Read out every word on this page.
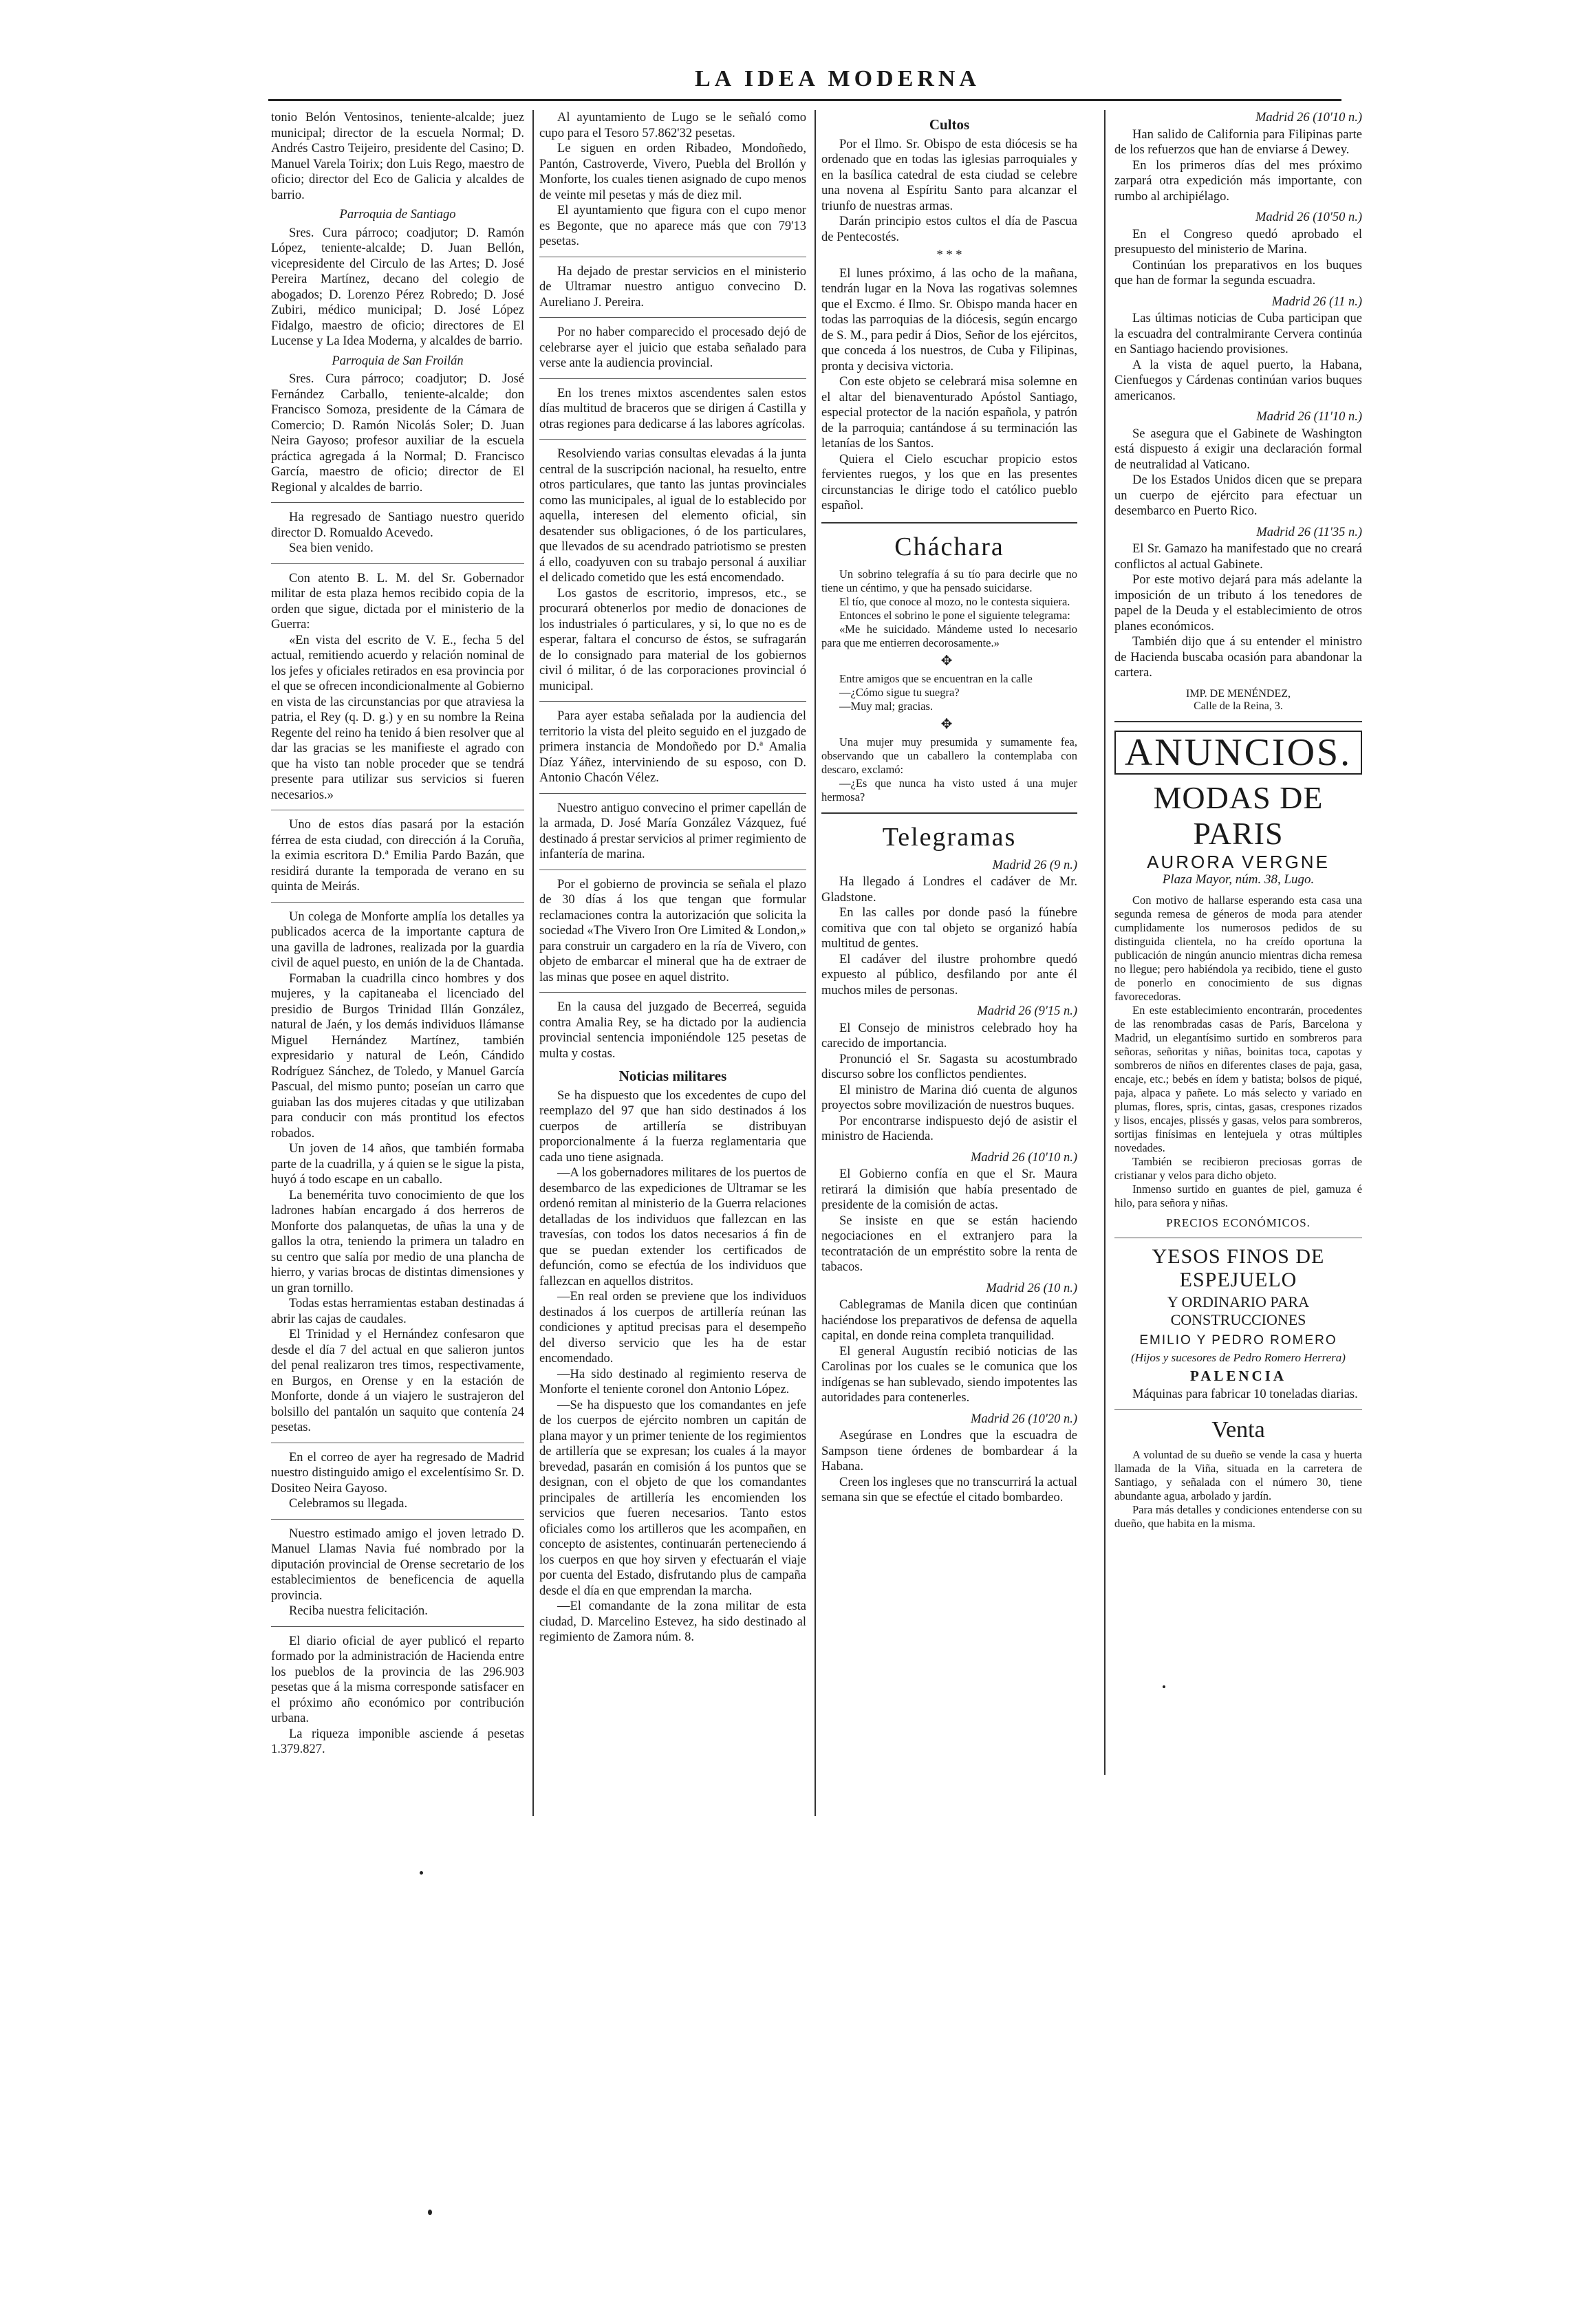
LA IDEA MODERNA

tonio Belón Ventosinos, teniente-alcalde; juez municipal; director de la escuela Normal; D. Andrés Castro Teijeiro, presidente del Casino; D. Manuel Varela Toirix; don Luis Rego, maestro de oficio; director del Eco de Galicia y alcaldes de barrio.

Parroquia de Santiago

Sres. Cura párroco; coadjutor; D. Ramón López, teniente-alcalde; D. Juan Bellón, vicepresidente del Circulo de las Artes; D. José Pereira Martínez, decano del colegio de abogados; D. Lorenzo Pérez Robredo; D. José Zubiri, médico municipal; D. José López Fidalgo, maestro de oficio; directores de El Lucense y La Idea Moderna, y alcaldes de barrio.

Parroquia de San Froilán

Sres. Cura párroco; coadjutor; D. José Fernández Carballo, teniente-alcalde; don Francisco Somoza, presidente de la Cámara de Comercio; D. Ramón Nicolás Soler; D. Juan Neira Gayoso; profesor auxiliar de la escuela práctica agregada á la Normal; D. Francisco García, maestro de oficio; director de El Regional y alcaldes de barrio.

Ha regresado de Santiago nuestro querido director D. Romualdo Acevedo.

Sea bien venido.

Con atento B. L. M. del Sr. Gobernador militar de esta plaza hemos recibido copia de la orden que sigue, dictada por el ministerio de la Guerra:

«En vista del escrito de V. E., fecha 5 del actual, remitiendo acuerdo y relación nominal de los jefes y oficiales retirados en esa provincia por el que se ofrecen incondicionalmente al Gobierno en vista de las circunstancias por que atraviesa la patria, el Rey (q. D. g.) y en su nombre la Reina Regente del reino ha tenido á bien resolver que al dar las gracias se les manifieste el agrado con que ha visto tan noble proceder que se tendrá presente para utilizar sus servicios si fueren necesarios.»

Uno de estos días pasará por la estación férrea de esta ciudad, con dirección á la Coruña, la eximia escritora D.ª Emilia Pardo Bazán, que residirá durante la temporada de verano en su quinta de Meirás.

Un colega de Monforte amplía los detalles ya publicados acerca de la importante captura de una gavilla de ladrones, realizada por la guardia civil de aquel puesto, en unión de la de Chantada.

Formaban la cuadrilla cinco hombres y dos mujeres, y la capitaneaba el licenciado del presidio de Burgos Trinidad Illán González, natural de Jaén, y los demás individuos llámanse Miguel Hernández Martínez, también expresidario y natural de León, Cándido Rodríguez Sánchez, de Toledo, y Manuel García Pascual, del mismo punto; poseían un carro que guiaban las dos mujeres citadas y que utilizaban para conducir con más prontitud los efectos robados.

Un joven de 14 años, que también formaba parte de la cuadrilla, y á quien se le sigue la pista, huyó á todo escape en un caballo.

La benemérita tuvo conocimiento de que los ladrones habían encargado á dos herreros de Monforte dos palanquetas, de uñas la una y de gallos la otra, teniendo la primera un taladro en su centro que salía por medio de una plancha de hierro, y varias brocas de distintas dimensiones y un gran tornillo.

Todas estas herramientas estaban destinadas á abrir las cajas de caudales.

El Trinidad y el Hernández confesaron que desde el día 7 del actual en que salieron juntos del penal realizaron tres timos, respectivamente, en Burgos, en Orense y en la estación de Monforte, donde á un viajero le sustrajeron del bolsillo del pantalón un saquito que contenía 24 pesetas.

En el correo de ayer ha regresado de Madrid nuestro distinguido amigo el excelentísimo Sr. D. Dositeo Neira Gayoso.

Celebramos su llegada.

Nuestro estimado amigo el joven letrado D. Manuel Llamas Navia fué nombrado por la diputación provincial de Orense secretario de los establecimientos de beneficencia de aquella provincia.

Reciba nuestra felicitación.

El diario oficial de ayer publicó el reparto formado por la administración de Hacienda entre los pueblos de la provincia de las 296.903 pesetas que á la misma corresponde satisfacer en el próximo año económico por contribución urbana.

La riqueza imponible asciende á pesetas 1.379.827.

Al ayuntamiento de Lugo se le señaló como cupo para el Tesoro 57.862'32 pesetas.

Le siguen en orden Ribadeo, Mondoñedo, Pantón, Castroverde, Vivero, Puebla del Brollón y Monforte, los cuales tienen asignado de cupo menos de veinte mil pesetas y más de diez mil.

El ayuntamiento que figura con el cupo menor es Begonte, que no aparece más que con 79'13 pesetas.

Ha dejado de prestar servicios en el ministerio de Ultramar nuestro antiguo convecino D. Aureliano J. Pereira.

Por no haber comparecido el procesado dejó de celebrarse ayer el juicio que estaba señalado para verse ante la audiencia provincial.

En los trenes mixtos ascendentes salen estos días multitud de braceros que se dirigen á Castilla y otras regiones para dedicarse á las labores agrícolas.

Resolviendo varias consultas elevadas á la junta central de la suscripción nacional, ha resuelto, entre otros particulares, que tanto las juntas provinciales como las municipales, al igual de lo establecido por aquella, interesen del elemento oficial, sin desatender sus obligaciones, ó de los particulares, que llevados de su acendrado patriotismo se presten á ello, coadyuven con su trabajo personal á auxiliar el delicado cometido que les está encomendado.

Los gastos de escritorio, impresos, etc., se procurará obtenerlos por medio de donaciones de los industriales ó particulares, y si, lo que no es de esperar, faltara el concurso de éstos, se sufragarán de lo consignado para material de los gobiernos civil ó militar, ó de las corporaciones provincial ó municipal.

Para ayer estaba señalada por la audiencia del territorio la vista del pleito seguido en el juzgado de primera instancia de Mondoñedo por D.ª Amalia Díaz Yáñez, interviniendo de su esposo, con D. Antonio Chacón Vélez.

Nuestro antiguo convecino el primer capellán de la armada, D. José María González Vázquez, fué destinado á prestar servicios al primer regimiento de infantería de marina.

Por el gobierno de provincia se señala el plazo de 30 días á los que tengan que formular reclamaciones contra la autorización que solicita la sociedad «The Vivero Iron Ore Limited & London,» para construir un cargadero en la ría de Vivero, con objeto de embarcar el mineral que ha de extraer de las minas que posee en aquel distrito.

En la causa del juzgado de Becerreá, seguida contra Amalia Rey, se ha dictado por la audiencia provincial sentencia imponiéndole 125 pesetas de multa y costas.

Noticias militares

Se ha dispuesto que los excedentes de cupo del reemplazo del 97 que han sido destinados á los cuerpos de artillería se distribuyan proporcionalmente á la fuerza reglamentaria que cada uno tiene asignada.

—A los gobernadores militares de los puertos de desembarco de las expediciones de Ultramar se les ordenó remitan al ministerio de la Guerra relaciones detalladas de los individuos que fallezcan en las travesías, con todos los datos necesarios á fin de que se puedan extender los certificados de defunción, como se efectúa de los individuos que fallezcan en aquellos distritos.

—En real orden se previene que los individuos destinados á los cuerpos de artillería reúnan las condiciones y aptitud precisas para el desempeño del diverso servicio que les ha de estar encomendado.

—Ha sido destinado al regimiento reserva de Monforte el teniente coronel don Antonio López.

—Se ha dispuesto que los comandantes en jefe de los cuerpos de ejército nombren un capitán de plana mayor y un primer teniente de los regimientos de artillería que se expresan; los cuales á la mayor brevedad, pasarán en comisión á los puntos que se designan, con el objeto de que los comandantes principales de artillería les encomienden los servicios que fueren necesarios. Tanto estos oficiales como los artilleros que les acompañen, en concepto de asistentes, continuarán perteneciendo á los cuerpos en que hoy sirven y efectuarán el viaje por cuenta del Estado, disfrutando plus de campaña desde el día en que emprendan la marcha.

—El comandante de la zona militar de esta ciudad, D. Marcelino Estevez, ha sido destinado al regimiento de Zamora núm. 8.

Cultos

Por el Ilmo. Sr. Obispo de esta diócesis se ha ordenado que en todas las iglesias parroquiales y en la basílica catedral de esta ciudad se celebre una novena al Espíritu Santo para alcanzar el triunfo de nuestras armas.

Darán principio estos cultos el día de Pascua de Pentecostés.

* * *

El lunes próximo, á las ocho de la mañana, tendrán lugar en la Nova las rogativas solemnes que el Excmo. é Ilmo. Sr. Obispo manda hacer en todas las parroquias de la diócesis, según encargo de S. M., para pedir á Dios, Señor de los ejércitos, que conceda á los nuestros, de Cuba y Filipinas, pronta y decisiva victoria.

Con este objeto se celebrará misa solemne en el altar del bienaventurado Apóstol Santiago, especial protector de la nación española, y patrón de la parroquia; cantándose á su terminación las letanías de los Santos.

Quiera el Cielo escuchar propicio estos fervientes ruegos, y los que en las presentes circunstancias le dirige todo el católico pueblo español.

Cháchara

Un sobrino telegrafía á su tío para decirle que no tiene un céntimo, y que ha pensado suicidarse.

El tío, que conoce al mozo, no le contesta siquiera.

Entonces el sobrino le pone el siguiente telegrama:

«Me he suicidado. Mándeme usted lo necesario para que me entierren decorosamente.»

✥

Entre amigos que se encuentran en la calle

—¿Cómo sigue tu suegra?

—Muy mal; gracias.

✥

Una mujer muy presumida y sumamente fea, observando que un caballero la contemplaba con descaro, exclamó:

—¿Es que nunca ha visto usted á una mujer hermosa?

Telegramas
Madrid 26 (9 n.)

Ha llegado á Londres el cadáver de Mr. Gladstone.

En las calles por donde pasó la fúnebre comitiva que con tal objeto se organizó había multitud de gentes.

El cadáver del ilustre prohombre quedó expuesto al público, desfilando por ante él muchos miles de personas.

Madrid 26 (9'15 n.)

El Consejo de ministros celebrado hoy ha carecido de importancia.

Pronunció el Sr. Sagasta su acostumbrado discurso sobre los conflictos pendientes.

El ministro de Marina dió cuenta de algunos proyectos sobre movilización de nuestros buques.

Por encontrarse indispuesto dejó de asistir el ministro de Hacienda.

Madrid 26 (10'10 n.)

El Gobierno confía en que el Sr. Maura retirará la dimisión que había presentado de presidente de la comisión de actas.

Se insiste en que se están haciendo negociaciones en el extranjero para la tecontratación de un empréstito sobre la renta de tabacos.

Madrid 26 (10 n.)

Cablegramas de Manila dicen que continúan haciéndose los preparativos de defensa de aquella capital, en donde reina completa tranquilidad.

El general Augustín recibió noticias de las Carolinas por los cuales se le comunica que los indígenas se han sublevado, siendo impotentes las autoridades para contenerles.

Madrid 26 (10'20 n.)

Asegúrase en Londres que la escuadra de Sampson tiene órdenes de bombardear á la Habana.

Creen los ingleses que no transcurrirá la actual semana sin que se efectúe el citado bombardeo.

Madrid 26 (10'10 n.)

Han salido de California para Filipinas parte de los refuerzos que han de enviarse á Dewey.

En los primeros días del mes próximo zarpará otra expedición más importante, con rumbo al archipiélago.

Madrid 26 (10'50 n.)

En el Congreso quedó aprobado el presupuesto del ministerio de Marina.

Continúan los preparativos en los buques que han de formar la segunda escuadra.

Madrid 26 (11 n.)

Las últimas noticias de Cuba participan que la escuadra del contralmirante Cervera continúa en Santiago haciendo provisiones.

A la vista de aquel puerto, la Habana, Cienfuegos y Cárdenas continúan varios buques americanos.

Madrid 26 (11'10 n.)

Se asegura que el Gabinete de Washington está dispuesto á exigir una declaración formal de neutralidad al Vaticano.

De los Estados Unidos dicen que se prepara un cuerpo de ejército para efectuar un desembarco en Puerto Rico.

Madrid 26 (11'35 n.)

El Sr. Gamazo ha manifestado que no creará conflictos al actual Gabinete.

Por este motivo dejará para más adelante la imposición de un tributo á los tenedores de papel de la Deuda y el establecimiento de otros planes económicos.

También dijo que á su entender el ministro de Hacienda buscaba ocasión para abandonar la cartera.

IMP. DE MENÉNDEZ,
Calle de la Reina, 3.
ANUNCIOS.
MODAS DE PARIS
AURORA VERGNE
Plaza Mayor, núm. 38, Lugo.

Con motivo de hallarse esperando esta casa una segunda remesa de géneros de moda para atender cumplidamente los numerosos pedidos de su distinguida clientela, no ha creído oportuna la publicación de ningún anuncio mientras dicha remesa no llegue; pero habiéndola ya recibido, tiene el gusto de ponerlo en conocimiento de sus dignas favorecedoras.

En este establecimiento encontrarán, procedentes de las renombradas casas de París, Barcelona y Madrid, un elegantísimo surtido en sombreros para señoras, señoritas y niñas, boinitas toca, capotas y sombreros de niños en diferentes clases de paja, gasa, encaje, etc.; bebés en ídem y batista; bolsos de piqué, paja, alpaca y pañete. Lo más selecto y variado en plumas, flores, spris, cintas, gasas, crespones rizados y lisos, encajes, plissés y gasas, velos para sombreros, sortijas finísimas en lentejuela y otras múltiples novedades.

También se recibieron preciosas gorras de cristianar y velos para dicho objeto.

Inmenso surtido en guantes de piel, gamuza é hilo, para señora y niñas.

PRECIOS ECONÓMICOS.
YESOS FINOS DE ESPEJUELO
Y ORDINARIO PARA CONSTRUCCIONES
EMILIO Y PEDRO ROMERO
(Hijos y sucesores de Pedro Romero Herrera)
PALENCIA

Máquinas para fabricar 10 toneladas diarias.

Venta

A voluntad de su dueño se vende la casa y huerta llamada de la Viña, situada en la carretera de Santiago, y señalada con el número 30, tiene abundante agua, arbolado y jardín.

Para más detalles y condiciones entenderse con su dueño, que habita en la misma.
